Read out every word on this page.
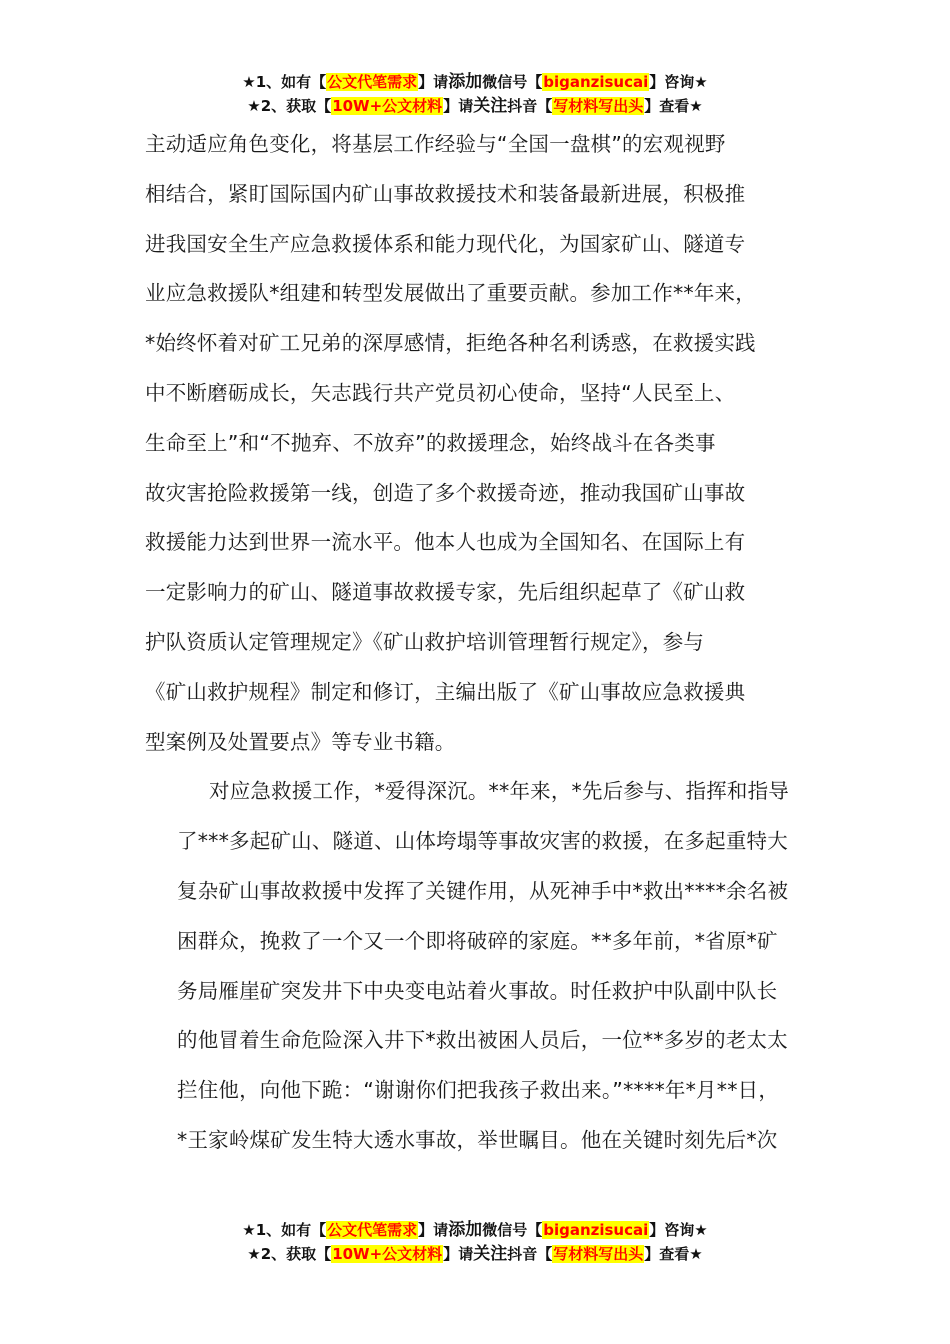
★1、如有【公文代笔需求】请添加微信号【biganzisucai】咨询★
★2、获取【10W+公文材料】请关注抖音【写材料写出头】查看★

主动适应角色变化，将基层工作经验与“全国一盘棋”的宏观视野
相结合，紧盯国际国内矿山事故救援技术和装备最新进展，积极推
进我国安全生产应急救援体系和能力现代化，为国家矿山、隧道专
业应急救援队*组建和转型发展做出了重要贡献。参加工作**年来，
*始终怀着对矿工兄弟的深厚感情，拒绝各种名利诱惑，在救援实践
中不断磨砺成长，矢志践行共产党员初心使命，坚持“人民至上、
生命至上”和“不抛弃、不放弃”的救援理念，始终战斗在各类事
故灾害抢险救援第一线，创造了多个救援奇迹，推动我国矿山事故
救援能力达到世界一流水平。他本人也成为全国知名、在国际上有
一定影响力的矿山、隧道事故救援专家，先后组织起草了《矿山救
护队资质认定管理规定》《矿山救护培训管理暂行规定》，参与
《矿山救护规程》制定和修订，主编出版了《矿山事故应急救援典
型案例及处置要点》等专业书籍。

对应急救援工作，*爱得深沉。**年来，*先后参与、指挥和指导
了***多起矿山、隧道、山体垮塌等事故灾害的救援，在多起重特大
复杂矿山事故救援中发挥了关键作用，从死神手中*救出****余名被
困群众，挽救了一个又一个即将破碎的家庭。**多年前，*省原*矿
务局雁崖矿突发井下中央变电站着火事故。时任救护中队副中队长
的他冒着生命危险深入井下*救出被困人员后，一位**多岁的老太太
拦住他，向他下跪：“谢谢你们把我孩子救出来。”****年*月**日，
*王家岭煤矿发生特大透水事故，举世瞩目。他在关键时刻先后*次

★1、如有【公文代笔需求】请添加微信号【biganzisucai】咨询★
★2、获取【10W+公文材料】请关注抖音【写材料写出头】查看★
